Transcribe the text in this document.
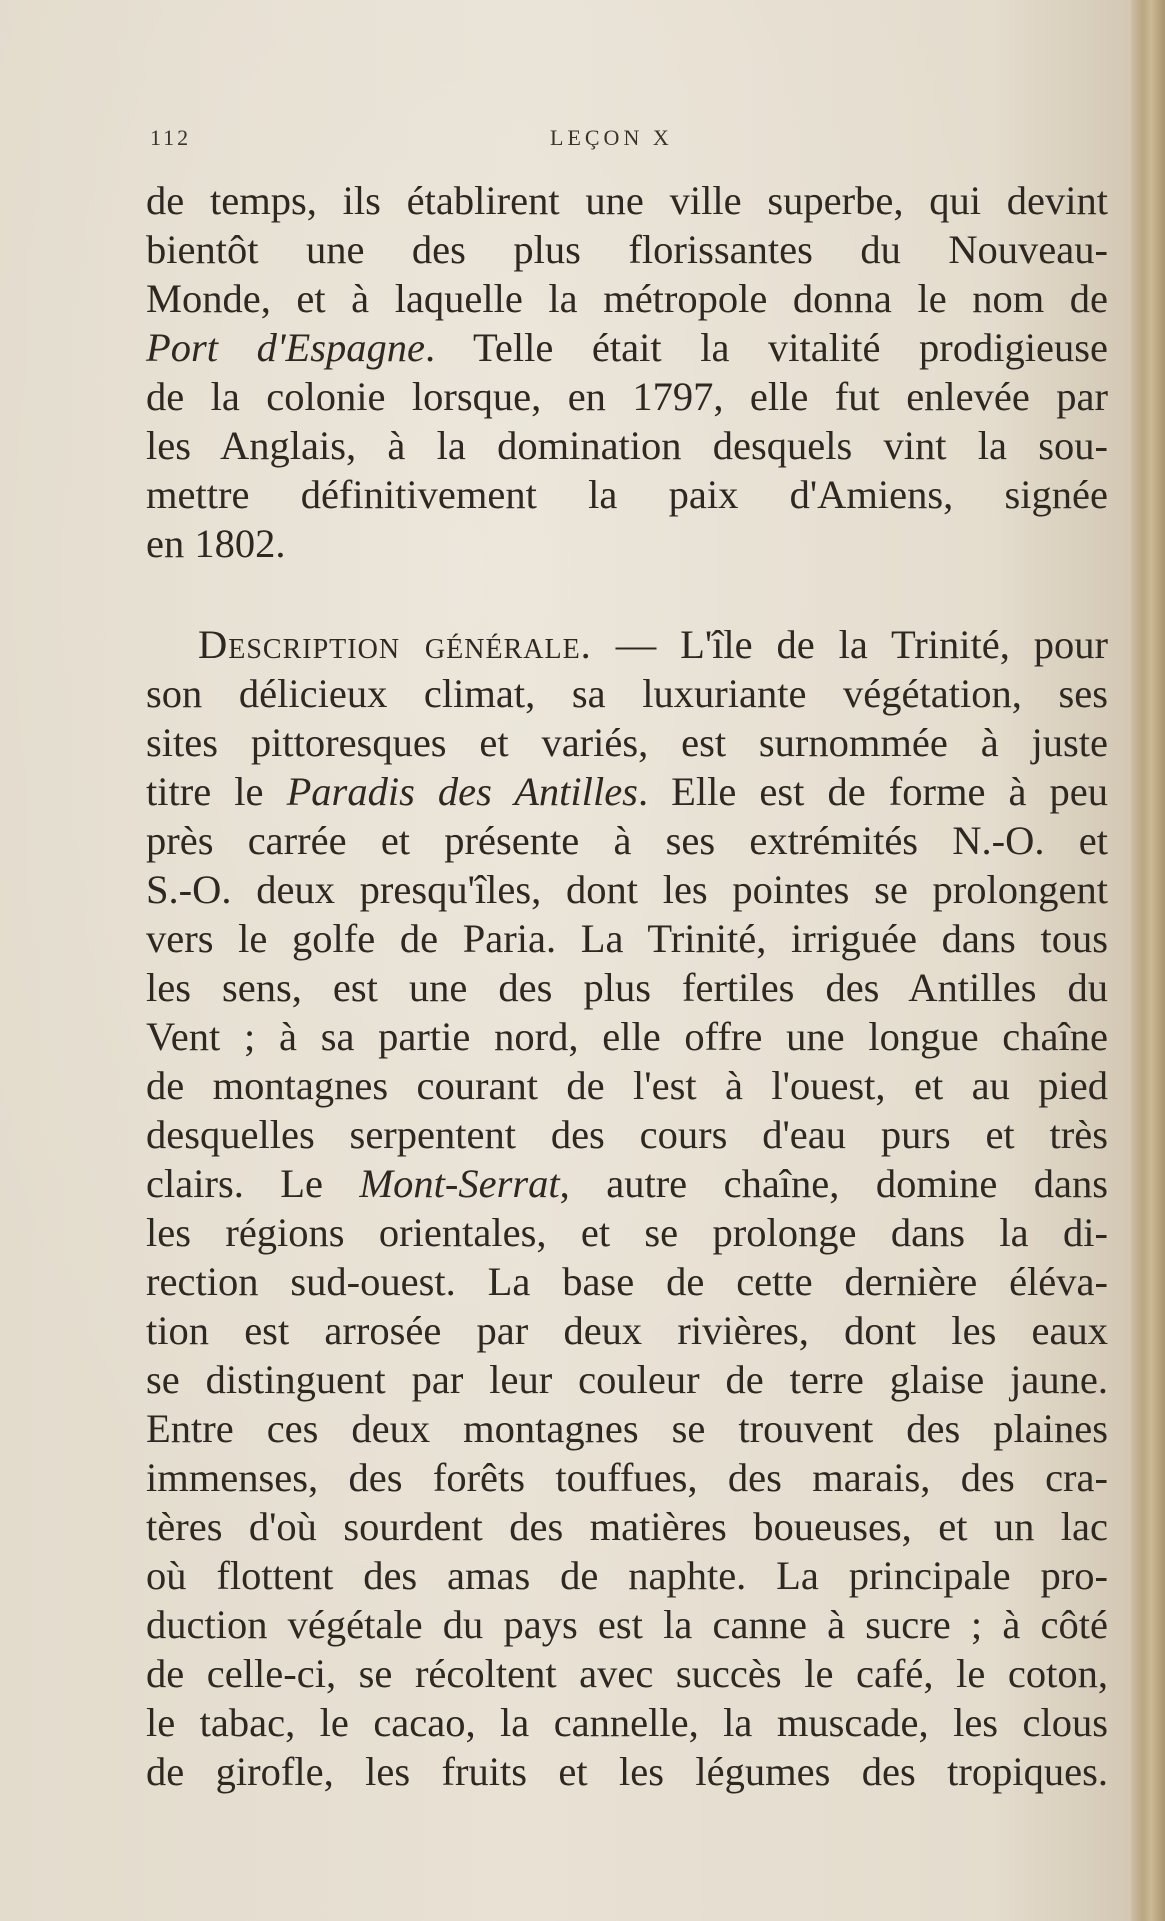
112	LEÇON X
de temps, ils établirent une ville superbe, qui devint
bientôt une des plus florissantes du Nouveau-
Monde, et à laquelle la métropole donna le nom de
Port d'Espagne. Telle était la vitalité prodigieuse
de la colonie lorsque, en 1797, elle fut enlevée par
les Anglais, à la domination desquels vint la sou-
mettre définitivement la paix d'Amiens, signée
en 1802.
Description générale. — L'île de la Trinité, pour
son délicieux climat, sa luxuriante végétation, ses
sites pittoresques et variés, est surnommée à juste
titre le Paradis des Antilles. Elle est de forme à peu
près carrée et présente à ses extrémités N.-O. et
S.-O. deux presqu'îles, dont les pointes se prolongent
vers le golfe de Paria. La Trinité, irriguée dans tous
les sens, est une des plus fertiles des Antilles du
Vent ; à sa partie nord, elle offre une longue chaîne
de montagnes courant de l'est à l'ouest, et au pied
desquelles serpentent des cours d'eau purs et très
clairs. Le Mont-Serrat, autre chaîne, domine dans
les régions orientales, et se prolonge dans la di-
rection sud-ouest. La base de cette dernière éléva-
tion est arrosée par deux rivières, dont les eaux
se distinguent par leur couleur de terre glaise jaune.
Entre ces deux montagnes se trouvent des plaines
immenses, des forêts touffues, des marais, des cra-
tères d'où sourdent des matières boueuses, et un lac
où flottent des amas de naphte. La principale pro-
duction végétale du pays est la canne à sucre ; à côté
de celle-ci, se récoltent avec succès le café, le coton,
le tabac, le cacao, la cannelle, la muscade, les clous
de girofle, les fruits et les légumes des tropiques.
